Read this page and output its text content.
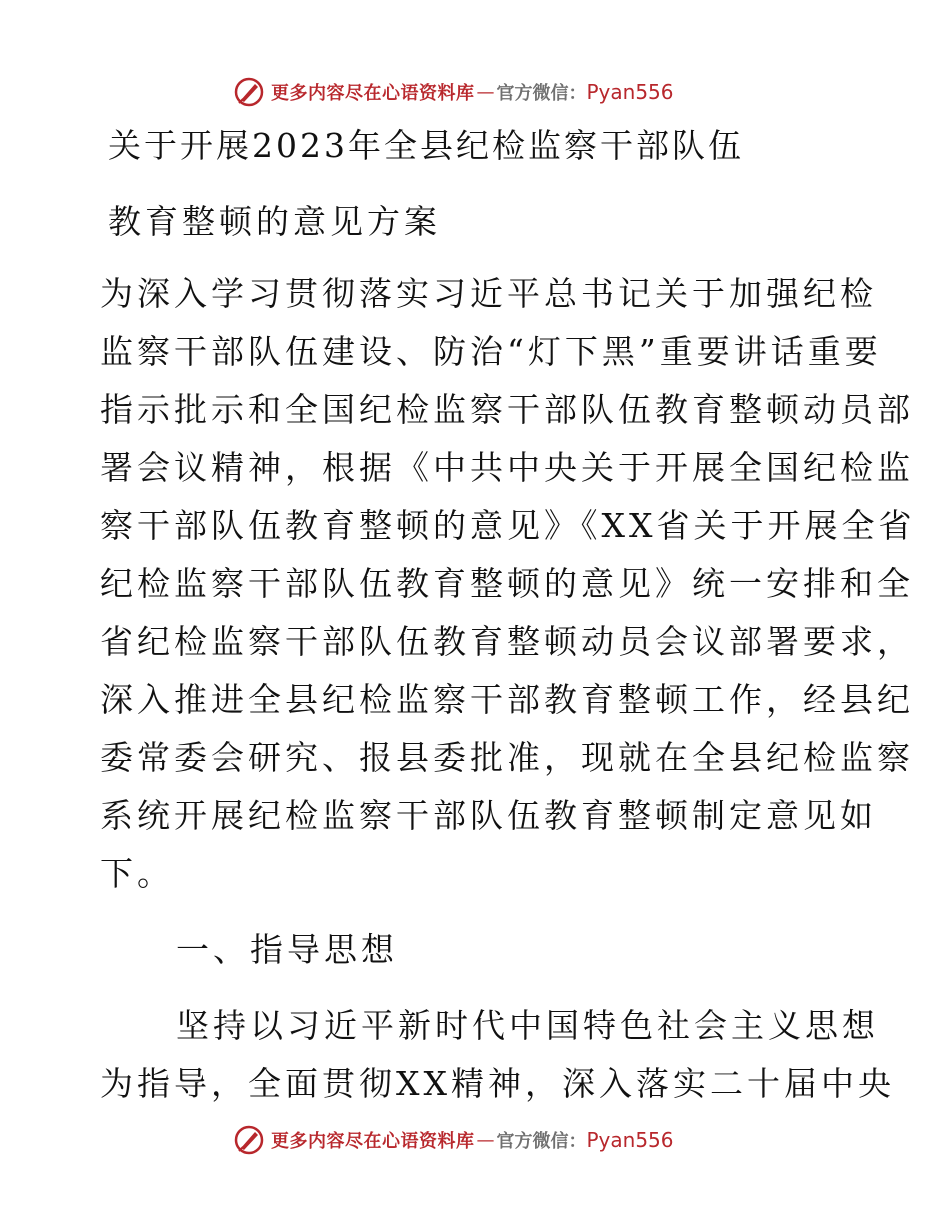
更多内容尽在心语资料库 — 官方微信： Pyan556
关于开展2023年全县纪检监察干部队伍
教育整顿的意见方案
为深入学习贯彻落实习近平总书记关于加强纪检
监察干部队伍建设、防治“灯下黑”重要讲话重要
指示批示和全国纪检监察干部队伍教育整顿动员部
署会议精神，根据《中共中央关于开展全国纪检监
察干部队伍教育整顿的意见》《XX省关于开展全省
纪检监察干部队伍教育整顿的意见》统一安排和全
省纪检监察干部队伍教育整顿动员会议部署要求，
深入推进全县纪检监察干部教育整顿工作，经县纪
委常委会研究、报县委批准，现就在全县纪检监察
系统开展纪检监察干部队伍教育整顿制定意见如
下。
一、指导思想
坚持以习近平新时代中国特色社会主义思想
为指导，全面贯彻XX精神，深入落实二十届中央
更多内容尽在心语资料库 — 官方微信： Pyan556
